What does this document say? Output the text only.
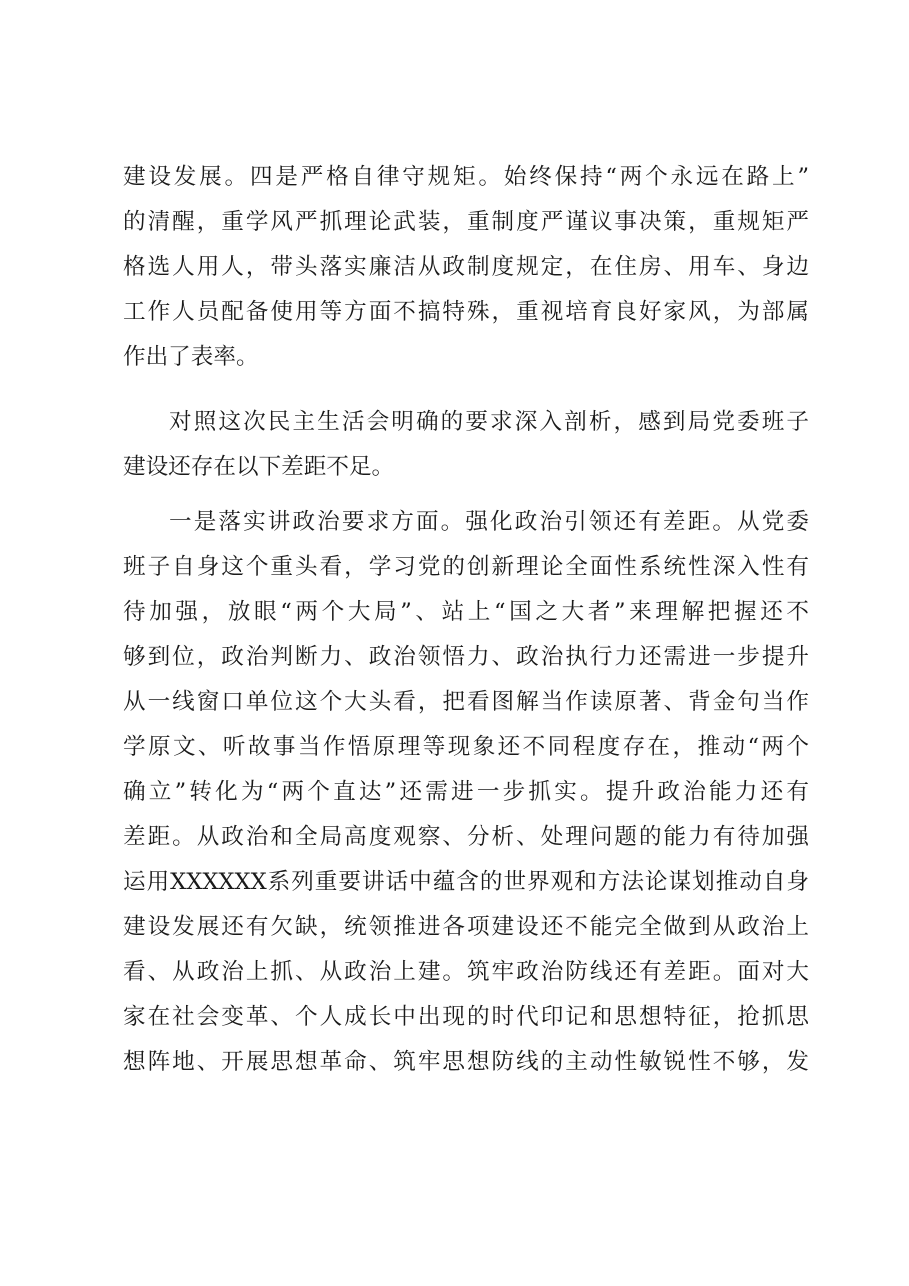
建设发展。四是严格自律守规矩。始终保持“两个永远在路上”
的清醒，重学风严抓理论武装，重制度严谨议事决策，重规矩严
格选人用人，带头落实廉洁从政制度规定，在住房、用车、身边
工作人员配备使用等方面不搞特殊，重视培育良好家风，为部属
作出了表率。
对照这次民主生活会明确的要求深入剖析，感到局党委班子
建设还存在以下差距不足。
一是落实讲政治要求方面。强化政治引领还有差距。从党委
班子自身这个重头看，学习党的创新理论全面性系统性深入性有
待加强，放眼“两个大局”、站上“国之大者”来理解把握还不
够到位，政治判断力、政治领悟力、政治执行力还需进一步提升
从一线窗口单位这个大头看，把看图解当作读原著、背金句当作
学原文、听故事当作悟原理等现象还不同程度存在，推动“两个
确立”转化为“两个直达”还需进一步抓实。提升政治能力还有
差距。从政治和全局高度观察、分析、处理问题的能力有待加强
运用XXXXXX系列重要讲话中蕴含的世界观和方法论谋划推动自身
建设发展还有欠缺，统领推进各项建设还不能完全做到从政治上
看、从政治上抓、从政治上建。筑牢政治防线还有差距。面对大
家在社会变革、个人成长中出现的时代印记和思想特征，抢抓思
想阵地、开展思想革命、筑牢思想防线的主动性敏锐性不够，发
